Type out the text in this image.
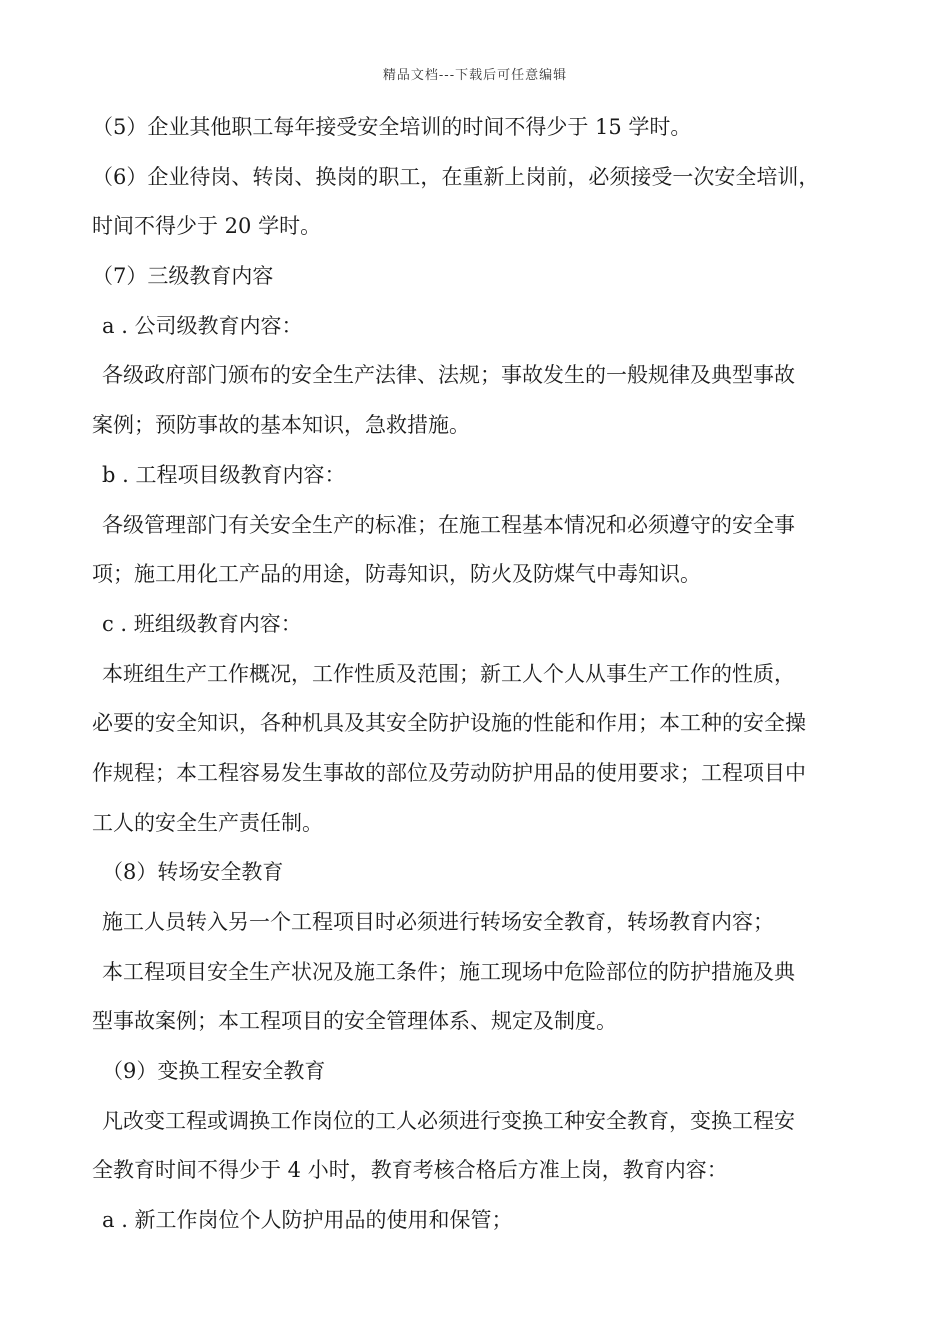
精品文档---下载后可任意编辑
（5）企业其他职工每年接受安全培训的时间不得少于 15 学时。
（6）企业待岗、转岗、换岗的职工，在重新上岗前，必须接受一次安全培训，
时间不得少于 20 学时。
（7）三级教育内容
a . 公司级教育内容：
各级政府部门颁布的安全生产法律、法规；事故发生的一般规律及典型事故
案例；预防事故的基本知识，急救措施。
b . 工程项目级教育内容：
各级管理部门有关安全生产的标准；在施工程基本情况和必须遵守的安全事
项；施工用化工产品的用途，防毒知识，防火及防煤气中毒知识。
c . 班组级教育内容：
本班组生产工作概况，工作性质及范围；新工人个人从事生产工作的性质，
必要的安全知识，各种机具及其安全防护设施的性能和作用；本工种的安全操
作规程；本工程容易发生事故的部位及劳动防护用品的使用要求；工程项目中
工人的安全生产责任制。
（8）转场安全教育
施工人员转入另一个工程项目时必须进行转场安全教育，转场教育内容；
本工程项目安全生产状况及施工条件；施工现场中危险部位的防护措施及典
型事故案例；本工程项目的安全管理体系、规定及制度。
（9）变换工程安全教育
凡改变工程或调换工作岗位的工人必须进行变换工种安全教育，变换工程安
全教育时间不得少于 4 小时，教育考核合格后方准上岗，教育内容：
a . 新工作岗位个人防护用品的使用和保管；
